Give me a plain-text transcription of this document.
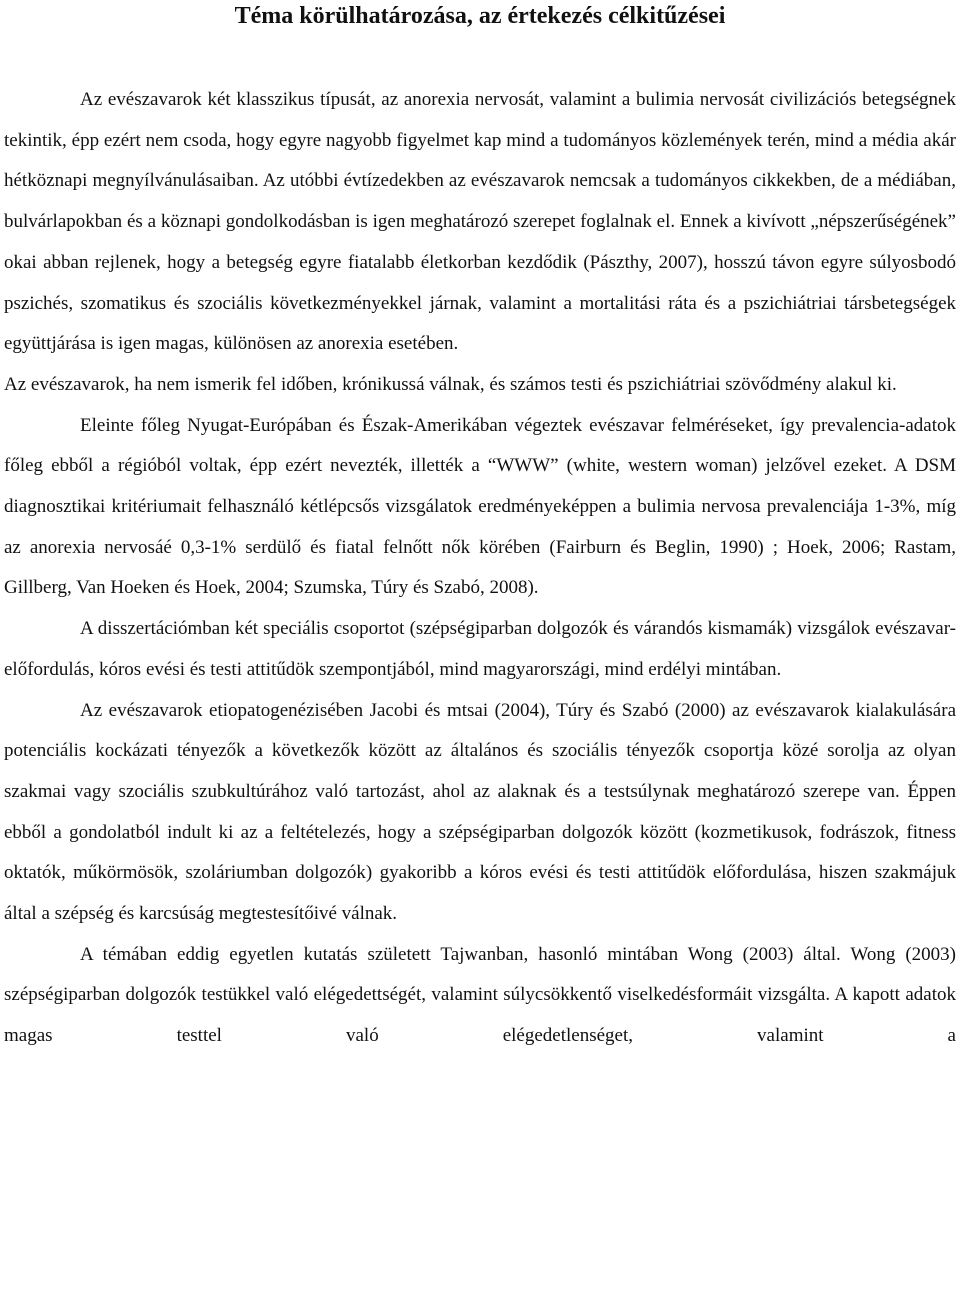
Téma körülhatározása, az értekezés célkitűzései

Az evészavarok két klasszikus típusát, az anorexia nervosát, valamint a bulimia nervosát civilizációs betegségnek tekintik, épp ezért nem csoda, hogy egyre nagyobb figyelmet kap mind a tudományos közlemények terén, mind a média akár hétköznapi megnyílvánulásaiban. Az utóbbi évtízedekben az evészavarok nemcsak a tudományos cikkekben, de a médiában, bulvárlapokban és a köznapi gondolkodásban is igen meghatározó szerepet foglalnak el. Ennek a kivívott „népszerűségének” okai abban rejlenek, hogy a betegség egyre fiatalabb életkorban kezdődik (Pászthy, 2007), hosszú távon egyre súlyosbodó pszichés, szomatikus és szociális következményekkel járnak, valamint a mortalitási ráta és a pszichiátriai társbetegségek együttjárása is igen magas, különösen az anorexia esetében.

Az evészavarok, ha nem ismerik fel időben, krónikussá válnak, és számos testi és pszichiátriai szövődmény alakul ki.

Eleinte főleg Nyugat-Európában és Észak-Amerikában végeztek evészavar felméréseket, így prevalencia-adatok főleg ebből a régióból voltak, épp ezért nevezték, illették a “WWW” (white, western woman) jelzővel ezeket. A DSM diagnosztikai kritériumait felhasználó kétlépcsős vizsgálatok eredményeképpen a bulimia nervosa prevalenciája 1-3%, míg az anorexia nervosáé 0,3-1% serdülő és fiatal felnőtt nők körében (Fairburn és Beglin, 1990) ; Hoek, 2006; Rastam, Gillberg, Van Hoeken és Hoek, 2004; Szumska, Túry és Szabó, 2008).

A disszertációmban két speciális csoportot (szépségiparban dolgozók és várandós kismamák) vizsgálok evészavar-előfordulás, kóros evési és testi attitűdök szempontjából, mind magyarországi, mind erdélyi mintában.

Az evészavarok etiopatogenézisében Jacobi és mtsai (2004), Túry és Szabó (2000) az evészavarok kialakulására potenciális kockázati tényezők a következők között az általános és szociális tényezők csoportja közé sorolja az olyan szakmai vagy szociális szubkultúrához való tartozást, ahol az alaknak és a testsúlynak meghatározó szerepe van. Éppen ebből a gondolatból indult ki az a feltételezés, hogy a szépségiparban dolgozók között (kozmetikusok, fodrászok, fitness oktatók, műkörmösök, szoláriumban dolgozók) gyakoribb a kóros evési és testi attitűdök előfordulása, hiszen szakmájuk által a szépség és karcsúság megtestesítőivé válnak.

A témában eddig egyetlen kutatás született Tajwanban, hasonló mintában Wong (2003) által. Wong (2003) szépségiparban dolgozók testükkel való elégedettségét, valamint súlycsökkentő viselkedésformáit vizsgálta. A kapott adatok magas testtel való elégedetlenséget, valamint a
